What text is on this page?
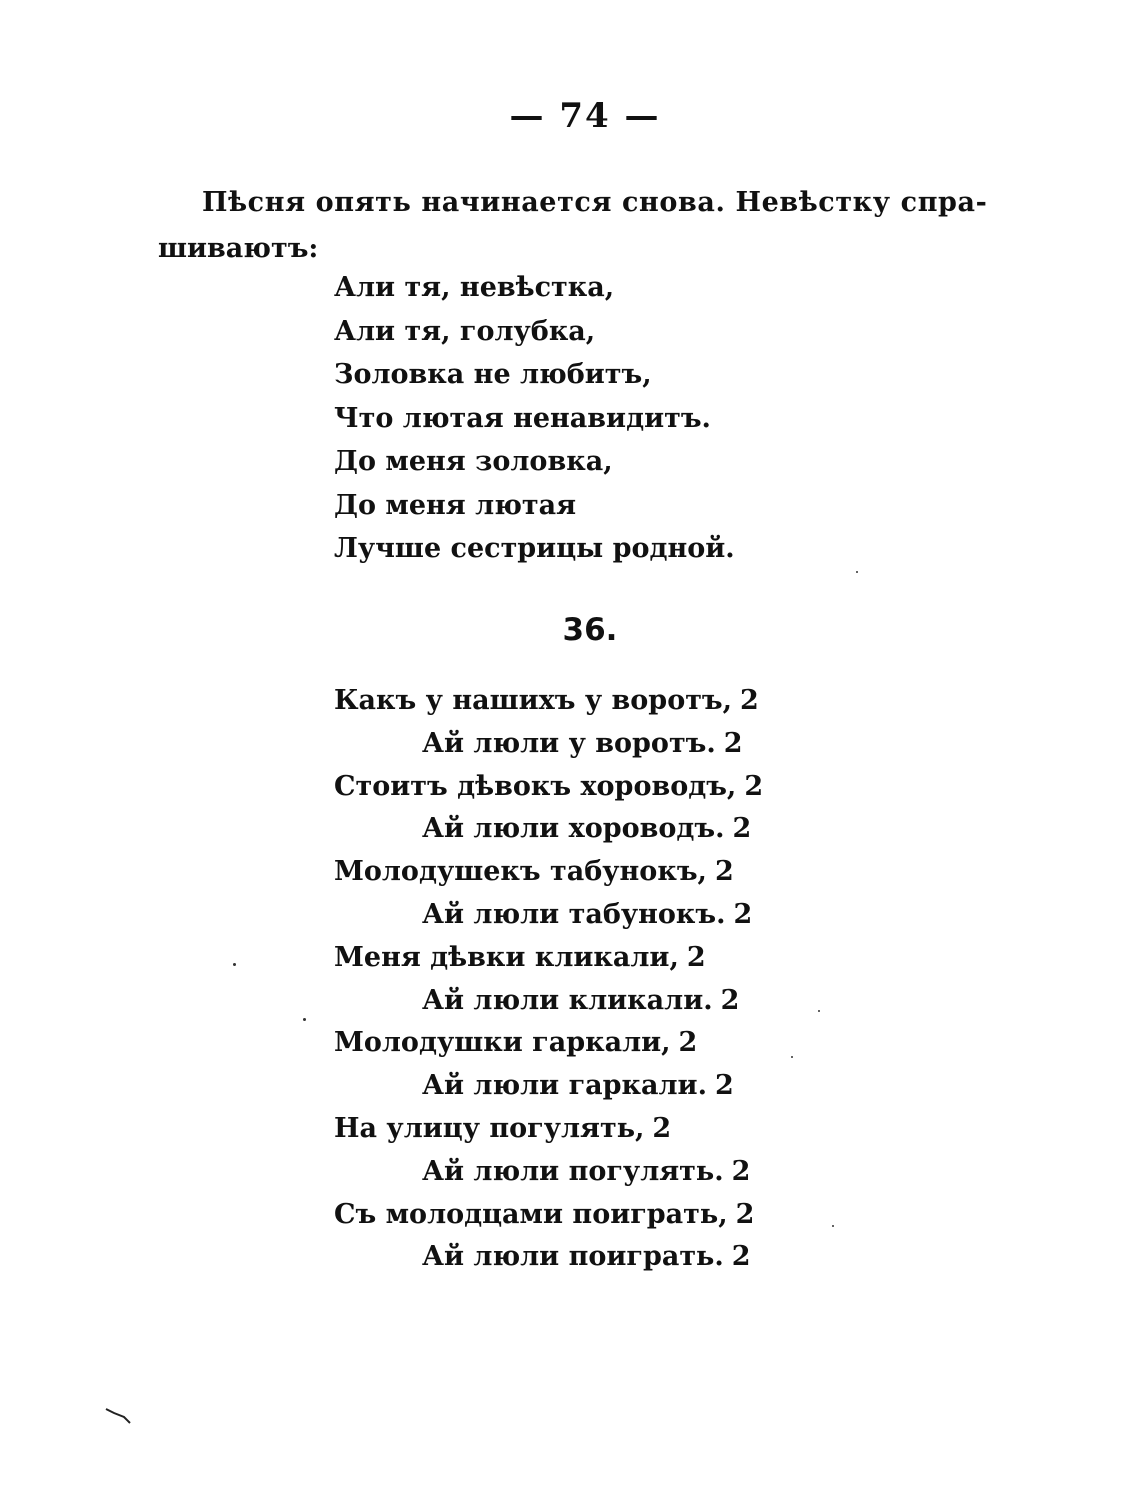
— 74 —
Пѣсня опять начинается снова. Невѣстку спра-
шиваютъ:
Али тя, невѣстка,
Али тя, голубка,
Золовка не любитъ,
Что лютая ненавидитъ.
До меня золовка,
До меня лютая
Лучше сестрицы родной.
36.
Какъ у нашихъ у воротъ, 2
Ай люли у воротъ. 2
Стоитъ дѣвокъ хороводъ, 2
Ай люли хороводъ. 2
Молодушекъ табунокъ, 2
Ай люли табунокъ. 2
Меня дѣвки кликали, 2
Ай люли кликали. 2
Молодушки гаркали, 2
Ай люли гаркали. 2
На улицу погулять, 2
Ай люли погулять. 2
Съ молодцами поиграть, 2
Ай люли поиграть. 2
